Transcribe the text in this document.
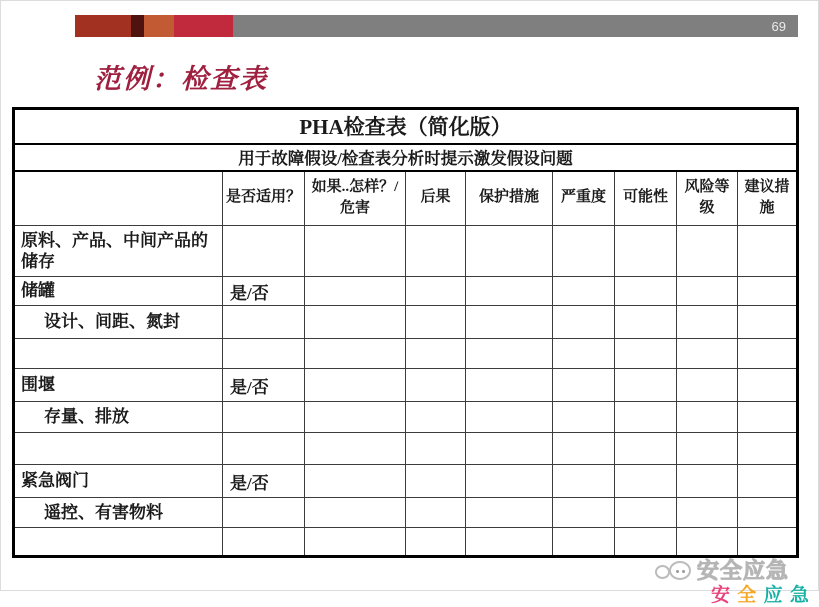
69
范例：检查表
PHA检查表（简化版）								
用于故障假设/检查表分析时提示激发假设问题								
	是否适用？	如果..怎样？/危害	后果	保护措施	严重度	可能性	风险等级	建议措施
原料、产品、中间产品的储存								
储罐	是/否							
设计、间距、氮封								

围堰	是/否							
存量、排放								

紧急阀门	是/否							
遥控、有害物料								

安全应急
安 全 应 急
